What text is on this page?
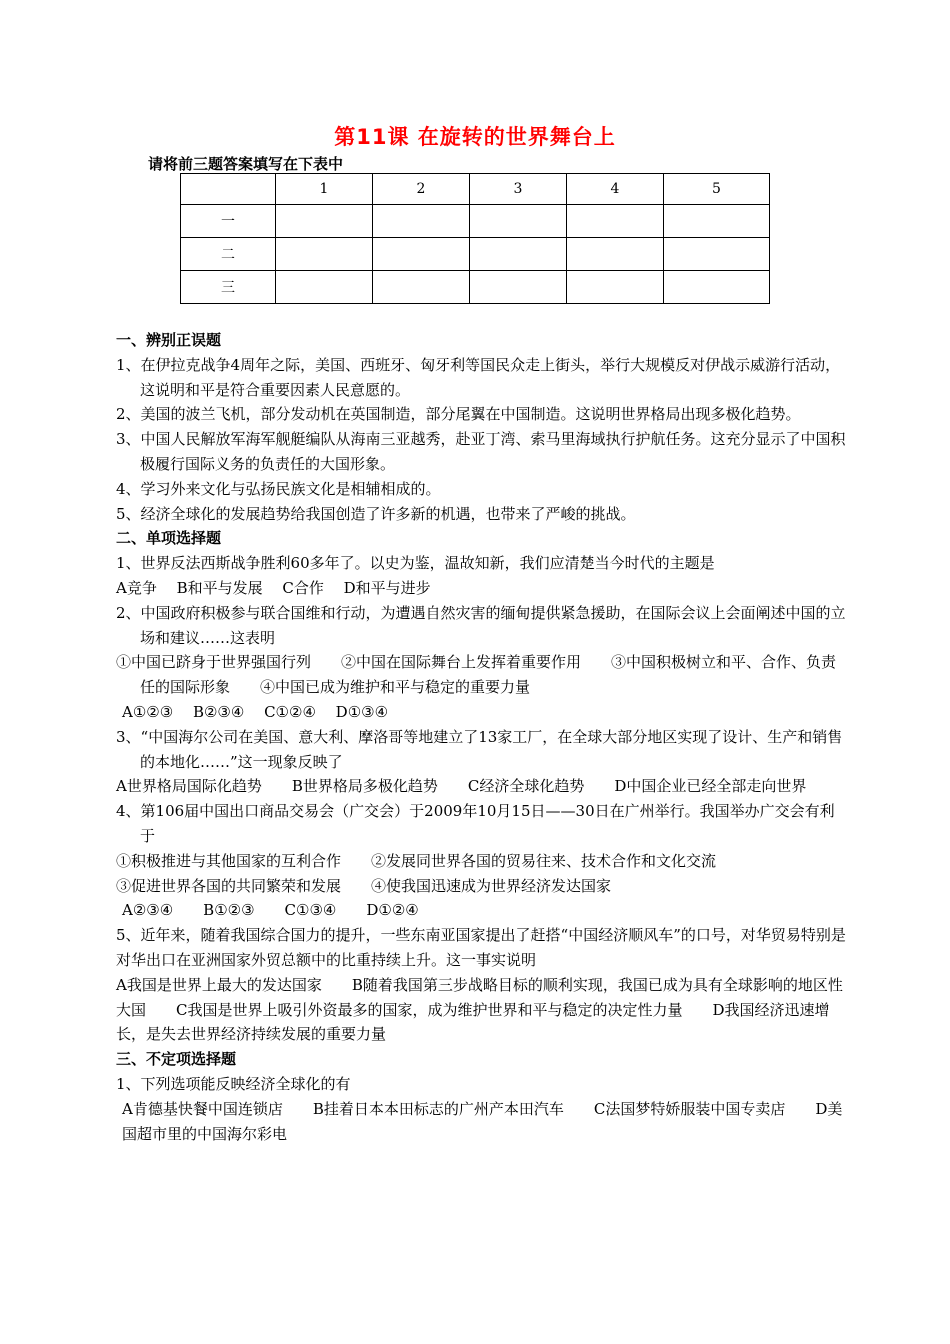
第11课 在旋转的世界舞台上
请将前三题答案填写在下表中
	1	2	3	4	5
一					
二					
三					

一、辨别正误题

1、在伊拉克战争4周年之际，美国、西班牙、匈牙利等国民众走上街头，举行大规模反对伊战示威游行活动，这说明和平是符合重要因素人民意愿的。

2、美国的波兰飞机，部分发动机在英国制造，部分尾翼在中国制造。这说明世界格局出现多极化趋势。

3、中国人民解放军海军舰艇编队从海南三亚越秀，赴亚丁湾、索马里海域执行护航任务。这充分显示了中国积极履行国际义务的负责任的大国形象。

4、学习外来文化与弘扬民族文化是相辅相成的。

5、经济全球化的发展趋势给我国创造了许多新的机遇，也带来了严峻的挑战。

二、单项选择题

1、世界反法西斯战争胜利60多年了。以史为鉴，温故知新，我们应清楚当今时代的主题是

A竞争　 B和平与发展　 C合作　 D和平与进步

2、中国政府积极参与联合国维和行动，为遭遇自然灾害的缅甸提供紧急援助，在国际会议上会面阐述中国的立场和建议……这表明

①中国已跻身于世界强国行列　　②中国在国际舞台上发挥着重要作用　　③中国积极树立和平、合作、负责任的国际形象　　④中国已成为维护和平与稳定的重要力量

A①②③　 B②③④　 C①②④　 D①③④

3、“中国海尔公司在美国、意大利、摩洛哥等地建立了13家工厂，在全球大部分地区实现了设计、生产和销售的本地化……”这一现象反映了

A世界格局国际化趋势　　B世界格局多极化趋势　　C经济全球化趋势　　D中国企业已经全部走向世界

4、第106届中国出口商品交易会（广交会）于2009年10月15日——30日在广州举行。我国举办广交会有利于

①积极推进与其他国家的互利合作　　②发展同世界各国的贸易往来、技术合作和文化交流

③促进世界各国的共同繁荣和发展　　④使我国迅速成为世界经济发达国家

A②③④　　B①②③　　C①③④　　D①②④

5、近年来，随着我国综合国力的提升，一些东南亚国家提出了赶搭“中国经济顺风车”的口号，对华贸易特别是对华出口在亚洲国家外贸总额中的比重持续上升。这一事实说明

A我国是世界上最大的发达国家　　B随着我国第三步战略目标的顺利实现，我国已成为具有全球影响的地区性大国　　C我国是世界上吸引外资最多的国家，成为维护世界和平与稳定的决定性力量　　D我国经济迅速增长，是失去世界经济持续发展的重要力量

三、不定项选择题

1、下列选项能反映经济全球化的有

A肯德基快餐中国连锁店　　B挂着日本本田标志的广州产本田汽车　　C法国梦特娇服装中国专卖店　　D美国超市里的中国海尔彩电
